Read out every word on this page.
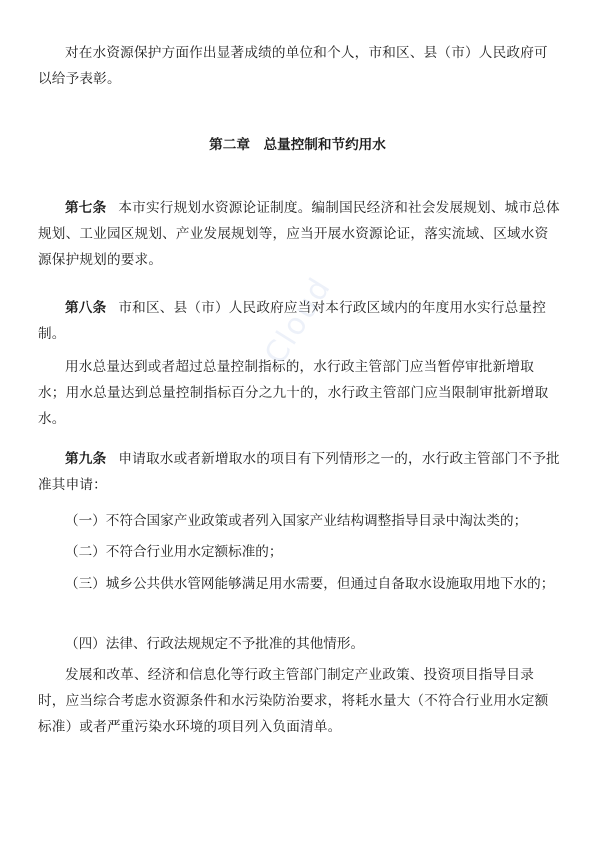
对在水资源保护方面作出显著成绩的单位和个人，市和区、县（市）人民政府可以给予表彰。
第二章　总量控制和节约用水
第七条 本市实行规划水资源论证制度。编制国民经济和社会发展规划、城市总体规划、工业园区规划、产业发展规划等，应当开展水资源论证，落实流域、区域水资源保护规划的要求。
第八条 市和区、县（市）人民政府应当对本行政区域内的年度用水实行总量控制。
用水总量达到或者超过总量控制指标的，水行政主管部门应当暂停审批新增取水；用水总量达到总量控制指标百分之九十的，水行政主管部门应当限制审批新增取水。
第九条 申请取水或者新增取水的项目有下列情形之一的，水行政主管部门不予批准其申请：
（一）不符合国家产业政策或者列入国家产业结构调整指导目录中淘汰类的；
（二）不符合行业用水定额标准的；
（三）城乡公共供水管网能够满足用水需要，但通过自备取水设施取用地下水的；
（四）法律、行政法规规定不予批准的其他情形。
发展和改革、经济和信息化等行政主管部门制定产业政策、投资项目指导目录时，应当综合考虑水资源条件和水污染防治要求，将耗水量大（不符合行业用水定额标准）或者严重污染水环境的项目列入负面清单。
Cloud
